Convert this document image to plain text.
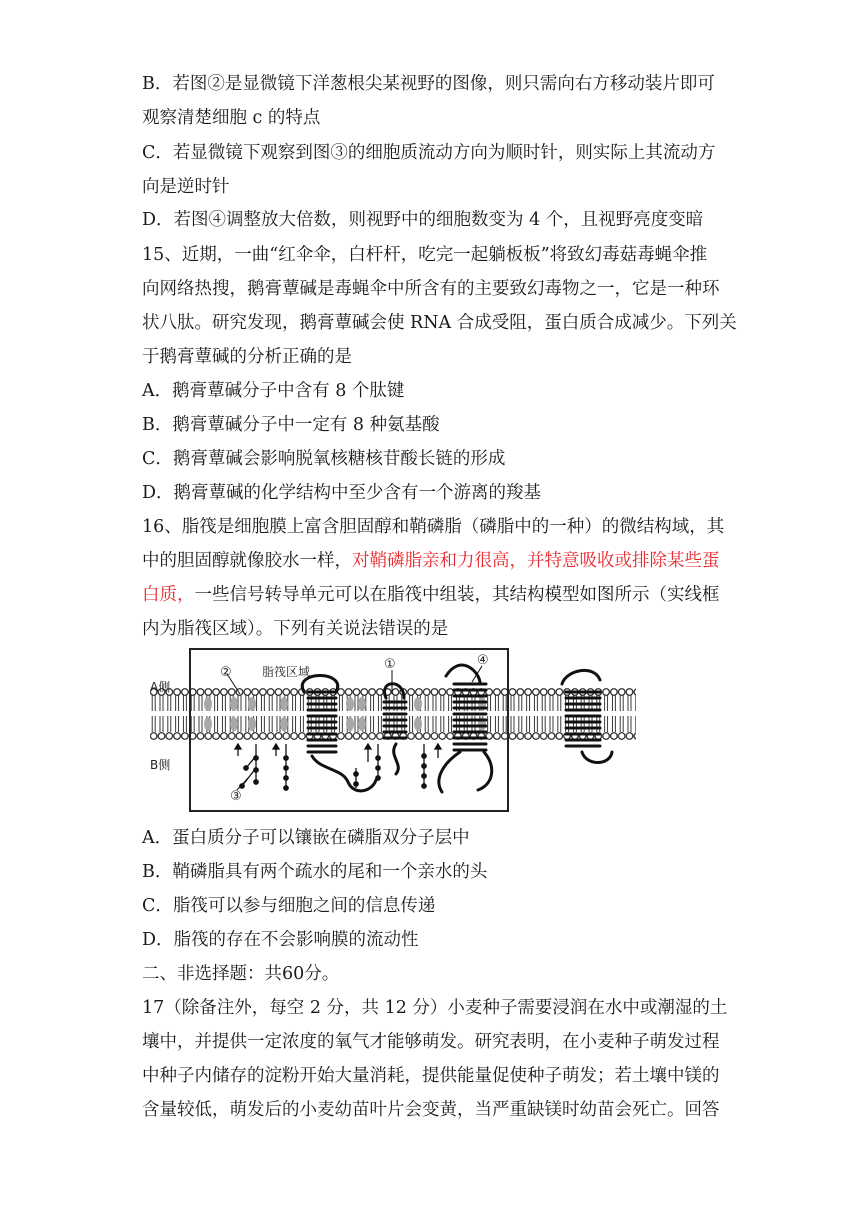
B．若图②是显微镜下洋葱根尖某视野的图像，则只需向右方移动装片即可
观察清楚细胞 c 的特点
C．若显微镜下观察到图③的细胞质流动方向为顺时针，则实际上其流动方
向是逆时针
D．若图④调整放大倍数，则视野中的细胞数变为 4 个，且视野亮度变暗
15、近期，一曲“红伞伞，白杆杆，吃完一起躺板板”将致幻毒菇毒蝇伞推
向网络热搜，鹅膏蕈碱是毒蝇伞中所含有的主要致幻毒物之一，它是一种环
状八肽。研究发现，鹅膏蕈碱会使 RNA 合成受阻，蛋白质合成减少。下列关
于鹅膏蕈碱的分析正确的是
A．鹅膏蕈碱分子中含有 8 个肽键
B．鹅膏蕈碱分子中一定有 8 种氨基酸
C．鹅膏蕈碱会影响脱氧核糖核苷酸长链的形成
D．鹅膏蕈碱的化学结构中至少含有一个游离的羧基
16、脂筏是细胞膜上富含胆固醇和鞘磷脂（磷脂中的一种）的微结构域，其
中的胆固醇就像胶水一样，对鞘磷脂亲和力很高，并特意吸收或排除某些蛋
白质，一些信号转导单元可以在脂筏中组装，其结构模型如图所示（实线框
内为脂筏区域）。下列有关说法错误的是
A侧
B侧
脂筏区域
②
①	④
③
A．蛋白质分子可以镶嵌在磷脂双分子层中
B．鞘磷脂具有两个疏水的尾和一个亲水的头
C．脂筏可以参与细胞之间的信息传递
D．脂筏的存在不会影响膜的流动性
二、非选择题：共60分。
17（除备注外，每空 2 分，共 12 分）小麦种子需要浸润在水中或潮湿的土
壤中，并提供一定浓度的氧气才能够萌发。研究表明，在小麦种子萌发过程
中种子内储存的淀粉开始大量消耗，提供能量促使种子萌发；若土壤中镁的
含量较低，萌发后的小麦幼苗叶片会变黄，当严重缺镁时幼苗会死亡。回答
